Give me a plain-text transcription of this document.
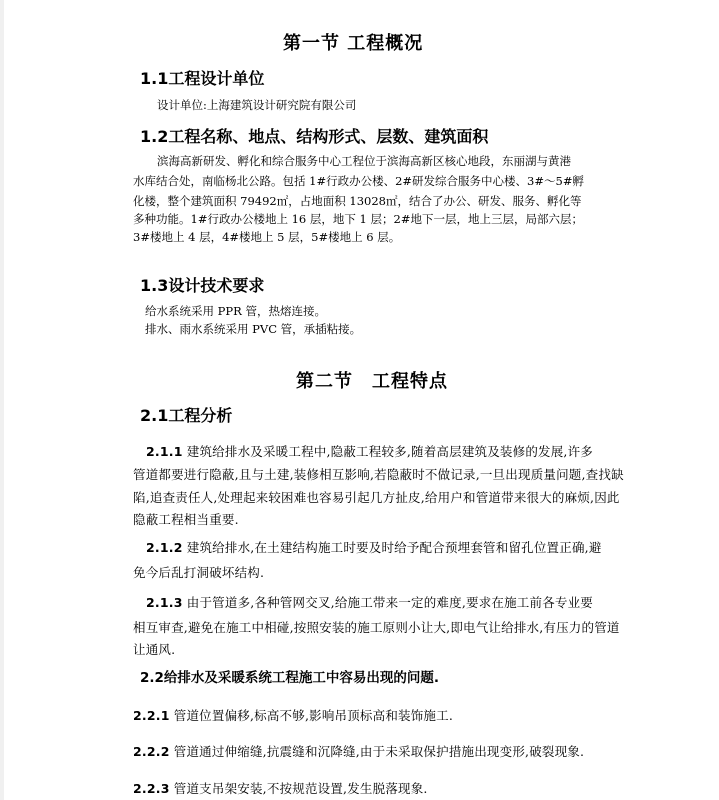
第一节 工程概况
1.1工程设计单位
设计单位:上海建筑设计研究院有限公司
1.2工程名称、地点、结构形式、层数、建筑面积
滨海高新研发、孵化和综合服务中心工程位于滨海高新区核心地段，东丽湖与黄港
水库结合处，南临杨北公路。包括 1#行政办公楼、2#研发综合服务中心楼、3#～5#孵
化楼，整个建筑面积 79492㎡，占地面积 13028㎡，结合了办公、研发、服务、孵化等
多种功能。1#行政办公楼地上 16 层，地下 1 层；2#地下一层，地上三层，局部六层；
3#楼地上 4 层，4#楼地上 5 层，5#楼地上 6 层。
1.3设计技术要求
给水系统采用 PPR 管，热熔连接。
排水、雨水系统采用 PVC 管，承插粘接。
第二节　工程特点
2.1工程分析
2.1.1 建筑给排水及采暖工程中,隐蔽工程较多,随着高层建筑及装修的发展,许多
管道都要进行隐蔽,且与土建,装修相互影响,若隐蔽时不做记录,一旦出现质量问题,查找缺
陷,追查责任人,处理起来较困难也容易引起几方扯皮,给用户和管道带来很大的麻烦,因此
隐蔽工程相当重要.
2.1.2 建筑给排水,在土建结构施工时要及时给予配合预埋套管和留孔位置正确,避
免今后乱打洞破坏结构.
2.1.3 由于管道多,各种管网交叉,给施工带来一定的难度,要求在施工前各专业要
相互审查,避免在施工中相碰,按照安装的施工原则小让大,即电气让给排水,有压力的管道
让通风.
2.2给排水及采暖系统工程施工中容易出现的问题.
2.2.1 管道位置偏移,标高不够,影响吊顶标高和装饰施工.
2.2.2 管道通过伸缩缝,抗震缝和沉降缝,由于未采取保护措施出现变形,破裂现象.
2.2.3 管道支吊架安装,不按规范设置,发生脱落现象.
